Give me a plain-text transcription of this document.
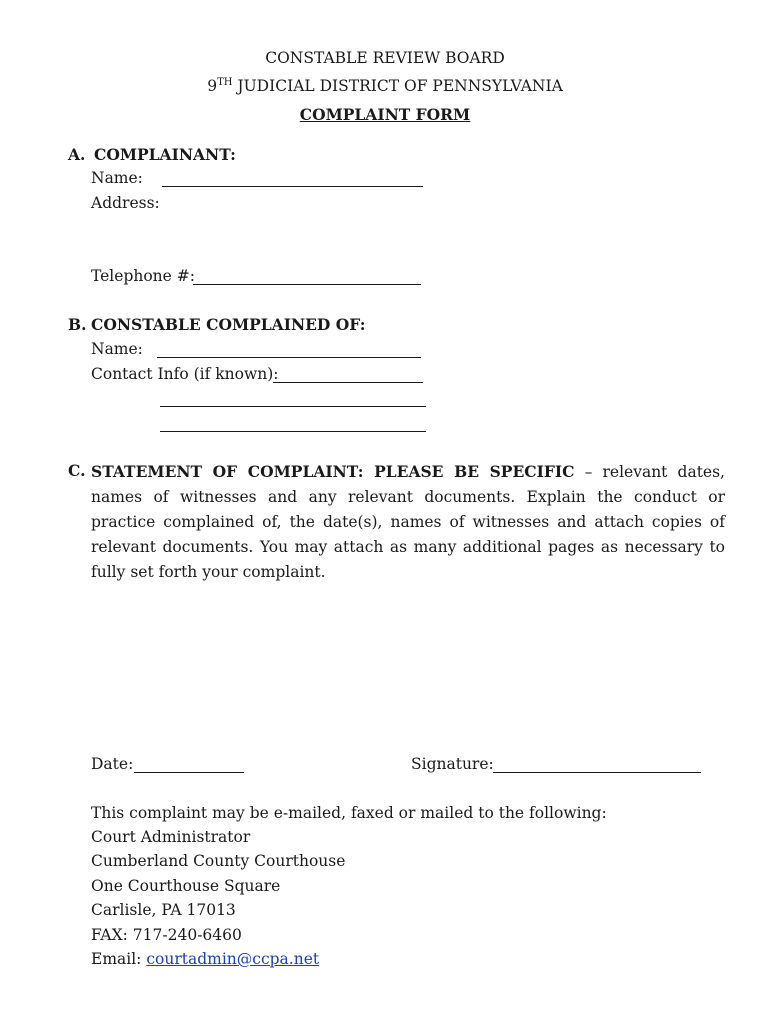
CONSTABLE REVIEW BOARD
9TH JUDICIAL DISTRICT OF PENNSYLVANIA
COMPLAINT FORM
A. COMPLAINANT:
Name:
Address:
Telephone #:
B. CONSTABLE COMPLAINED OF:
Name:
Contact Info (if known):
C. STATEMENT OF COMPLAINT: PLEASE BE SPECIFIC – relevant dates, names of witnesses and any relevant documents. Explain the conduct or practice complained of, the date(s), names of witnesses and attach copies of relevant documents. You may attach as many additional pages as necessary to fully set forth your complaint.
Date:	Signature:
This complaint may be e-mailed, faxed or mailed to the following:
Court Administrator
Cumberland County Courthouse
One Courthouse Square
Carlisle, PA 17013
FAX: 717-240-6460
Email: courtadmin@ccpa.net
